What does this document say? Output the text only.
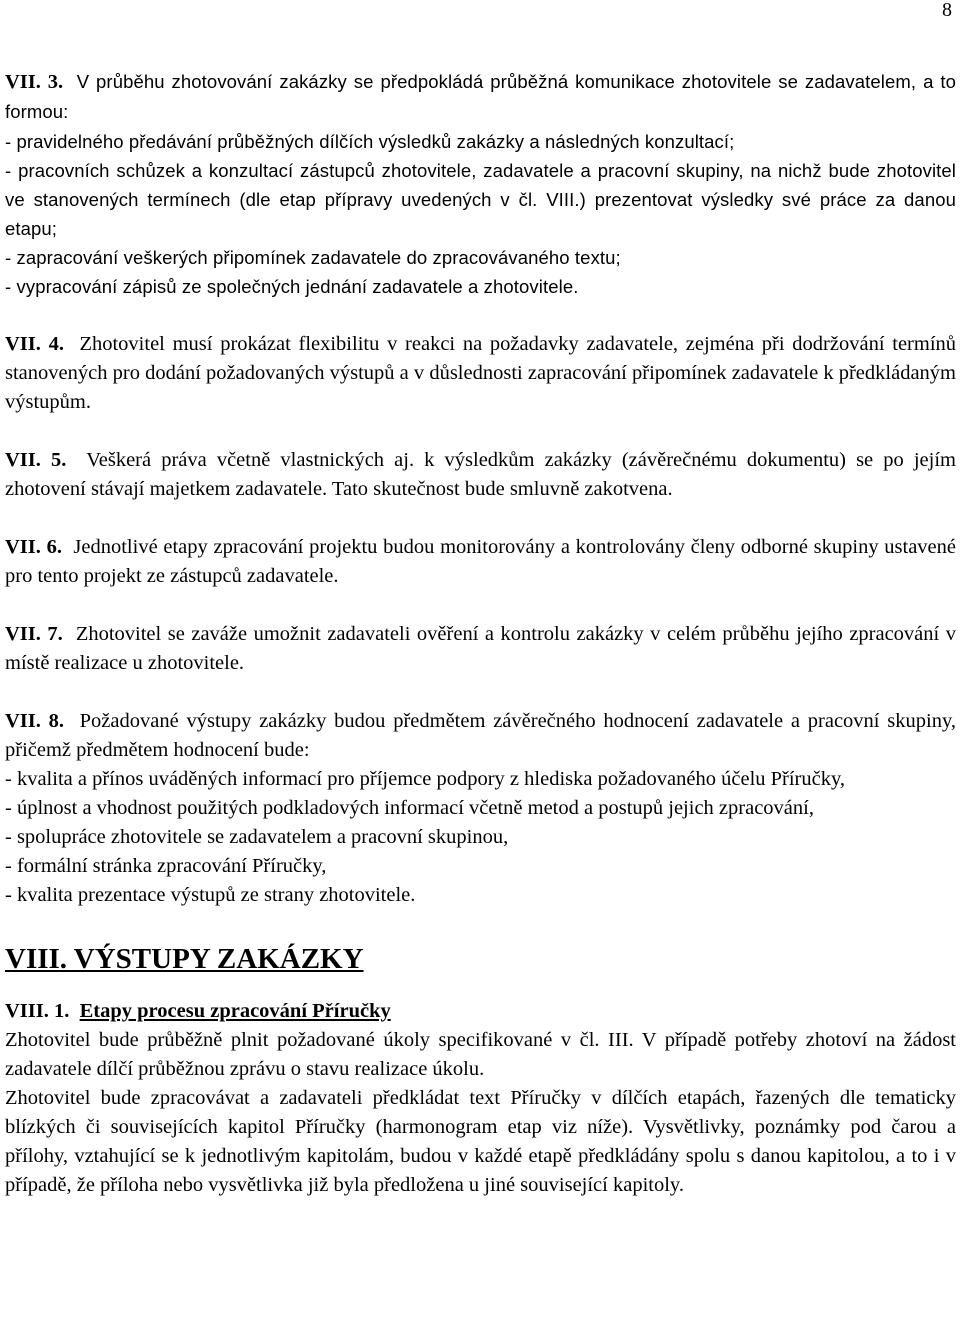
8

VII. 3. V průběhu zhotovování zakázky se předpokládá průběžná komunikace zhotovitele se zadavatelem, a to formou:

- pravidelného předávání průběžných dílčích výsledků zakázky a následných konzultací;
- pracovních schůzek a konzultací zástupců zhotovitele, zadavatele a pracovní skupiny, na nichž bude zhotovitel ve stanovených termínech (dle etap přípravy uvedených v čl. VIII.) prezentovat výsledky své práce za danou etapu;
- zapracování veškerých připomínek zadavatele do zpracovávaného textu;
- vypracování zápisů ze společných jednání zadavatele a zhotovitele.

VII. 4. Zhotovitel musí prokázat flexibilitu v reakci na požadavky zadavatele, zejména při dodržování termínů stanovených pro dodání požadovaných výstupů a v důslednosti zapracování připomínek zadavatele k předkládaným výstupům.

VII. 5. Veškerá práva včetně vlastnických aj. k výsledkům zakázky (závěrečnému dokumentu) se po jejím zhotovení stávají majetkem zadavatele. Tato skutečnost bude smluvně zakotvena.

VII. 6. Jednotlivé etapy zpracování projektu budou monitorovány a kontrolovány členy odborné skupiny ustavené pro tento projekt ze zástupců zadavatele.

VII. 7. Zhotovitel se zaváže umožnit zadavateli ověření a kontrolu zakázky v celém průběhu jejího zpracování v místě realizace u zhotovitele.

VII. 8. Požadované výstupy zakázky budou předmětem závěrečného hodnocení zadavatele a pracovní skupiny, přičemž předmětem hodnocení bude:

- kvalita a přínos uváděných informací pro příjemce podpory z hlediska požadovaného účelu Příručky,
- úplnost a vhodnost použitých podkladových informací včetně metod a postupů jejich zpracování,
- spolupráce zhotovitele se zadavatelem a pracovní skupinou,
- formální stránka zpracování Příručky,
- kvalita prezentace výstupů ze strany zhotovitele.
VIII. VÝSTUPY ZAKÁZKY

VIII. 1. Etapy procesu zpracování Příručky

Zhotovitel bude průběžně plnit požadované úkoly specifikované v čl. III. V případě potřeby zhotoví na žádost zadavatele dílčí průběžnou zprávu o stavu realizace úkolu.

Zhotovitel bude zpracovávat a zadavateli předkládat text Příručky v dílčích etapách, řazených dle tematicky blízkých či souvisejících kapitol Příručky (harmonogram etap viz níže). Vysvětlivky, poznámky pod čarou a přílohy, vztahující se k jednotlivým kapitolám, budou v každé etapě předkládány spolu s danou kapitolou, a to i v případě, že příloha nebo vysvětlivka již byla předložena u jiné související kapitoly.
